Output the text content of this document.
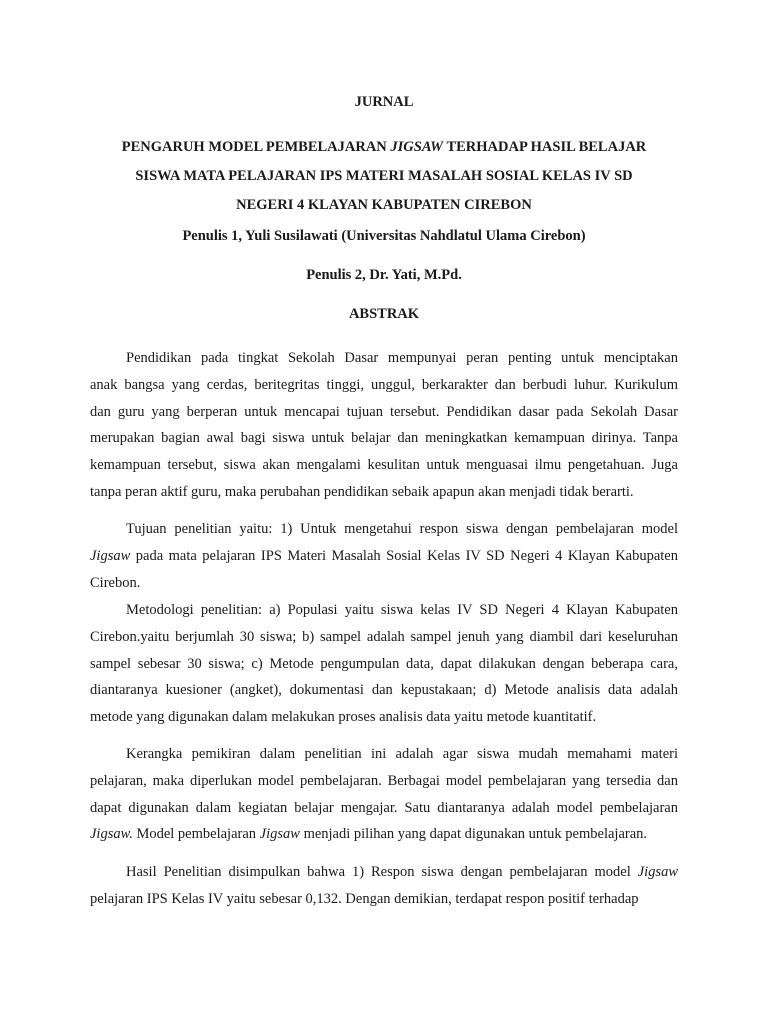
JURNAL
PENGARUH MODEL PEMBELAJARAN JIGSAW TERHADAP HASIL BELAJAR
SISWA MATA PELAJARAN IPS MATERI MASALAH SOSIAL KELAS IV SD
NEGERI 4 KLAYAN KABUPATEN CIREBON
Penulis 1, Yuli Susilawati (Universitas Nahdlatul Ulama Cirebon)
Penulis 2, Dr. Yati, M.Pd.
ABSTRAK
Pendidikan pada tingkat Sekolah Dasar mempunyai peran penting untuk menciptakan
anak bangsa yang cerdas, beritegritas tinggi, unggul, berkarakter dan berbudi luhur. Kurikulum
dan guru yang berperan untuk mencapai tujuan tersebut. Pendidikan dasar pada Sekolah Dasar
merupakan bagian awal bagi siswa untuk belajar dan meningkatkan kemampuan dirinya. Tanpa
kemampuan tersebut, siswa akan mengalami kesulitan untuk menguasai ilmu pengetahuan. Juga
tanpa peran aktif guru, maka perubahan pendidikan sebaik apapun akan menjadi tidak berarti.
Tujuan penelitian yaitu: 1) Untuk mengetahui respon siswa dengan pembelajaran model
Jigsaw pada mata pelajaran IPS Materi Masalah Sosial Kelas IV SD Negeri 4 Klayan Kabupaten
Cirebon.
Metodologi penelitian: a) Populasi yaitu siswa kelas IV SD Negeri 4 Klayan Kabupaten
Cirebon.yaitu berjumlah 30 siswa; b) sampel adalah sampel jenuh yang diambil dari keseluruhan
sampel sebesar 30 siswa; c) Metode pengumpulan data, dapat dilakukan dengan beberapa cara,
diantaranya kuesioner (angket), dokumentasi dan kepustakaan; d) Metode analisis data adalah
metode yang digunakan dalam melakukan proses analisis data yaitu metode kuantitatif.
Kerangka pemikiran dalam penelitian ini adalah agar siswa mudah memahami materi
pelajaran, maka diperlukan model pembelajaran. Berbagai model pembelajaran yang tersedia dan
dapat digunakan dalam kegiatan belajar mengajar. Satu diantaranya adalah model pembelajaran
Jigsaw. Model pembelajaran Jigsaw menjadi pilihan yang dapat digunakan untuk pembelajaran.
Hasil Penelitian disimpulkan bahwa 1) Respon siswa dengan pembelajaran model Jigsaw
pelajaran IPS Kelas IV yaitu sebesar 0,132. Dengan demikian, terdapat respon positif terhadap
